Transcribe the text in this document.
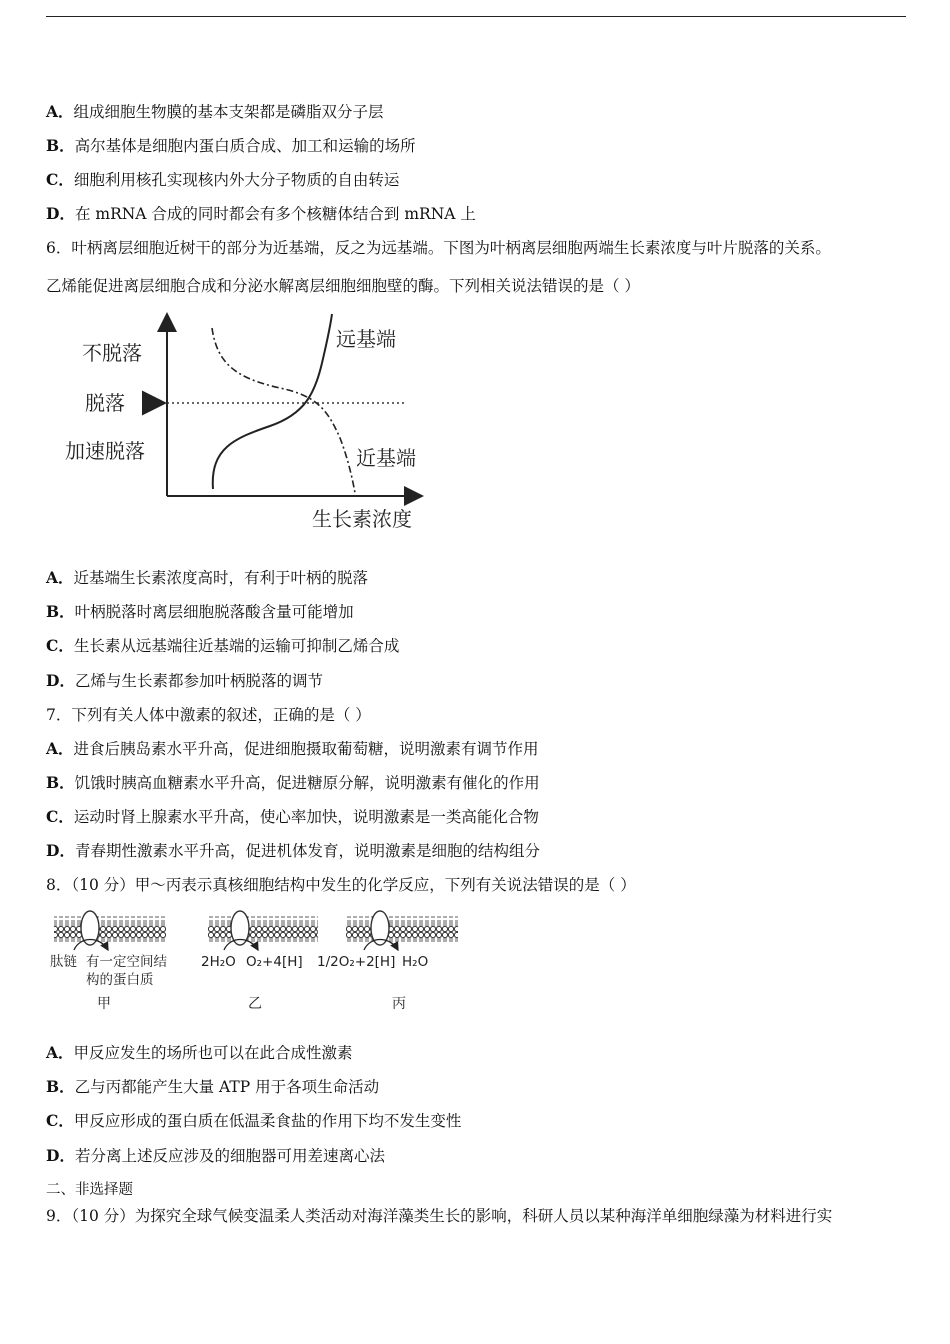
A．组成细胞生物膜的基本支架都是磷脂双分子层
B．高尔基体是细胞内蛋白质合成、加工和运输的场所
C．细胞利用核孔实现核内外大分子物质的自由转运
D．在 mRNA 合成的同时都会有多个核糖体结合到 mRNA 上
6．叶柄离层细胞近树干的部分为近基端，反之为远基端。下图为叶柄离层细胞两端生长素浓度与叶片脱落的关系。
乙烯能促进离层细胞合成和分泌水解离层细胞细胞壁的酶。下列相关说法错误的是（ ）
不脱落
脱落
加速脱落
远基端
近基端
生长素浓度
A．近基端生长素浓度高时，有利于叶柄的脱落
B．叶柄脱落时离层细胞脱落酸含量可能增加
C．生长素从远基端往近基端的运输可抑制乙烯合成
D．乙烯与生长素都参加叶柄脱落的调节
7．下列有关人体中激素的叙述，正确的是（ ）
A．进食后胰岛素水平升高，促进细胞摄取葡萄糖，说明激素有调节作用
B．饥饿时胰高血糖素水平升高，促进糖原分解，说明激素有催化的作用
C．运动时肾上腺素水平升高，使心率加快，说明激素是一类高能化合物
D．青春期性激素水平升高，促进机体发育，说明激素是细胞的结构组分
8．（10 分）甲～丙表示真核细胞结构中发生的化学反应，下列有关说法错误的是（ ）
肽链 有一定空间结
构的蛋白质
甲
2H₂O O₂+4[H]
乙
1/2O₂+2[H] H₂O
丙
A．甲反应发生的场所也可以在此合成性激素
B．乙与丙都能产生大量 ATP 用于各项生命活动
C．甲反应形成的蛋白质在低温柔食盐的作用下均不发生变性
D．若分离上述反应涉及的细胞器可用差速离心法
二、非选择题
9．（10 分）为探究全球气候变温柔人类活动对海洋藻类生长的影响，科研人员以某种海洋单细胞绿藻为材料进行实
